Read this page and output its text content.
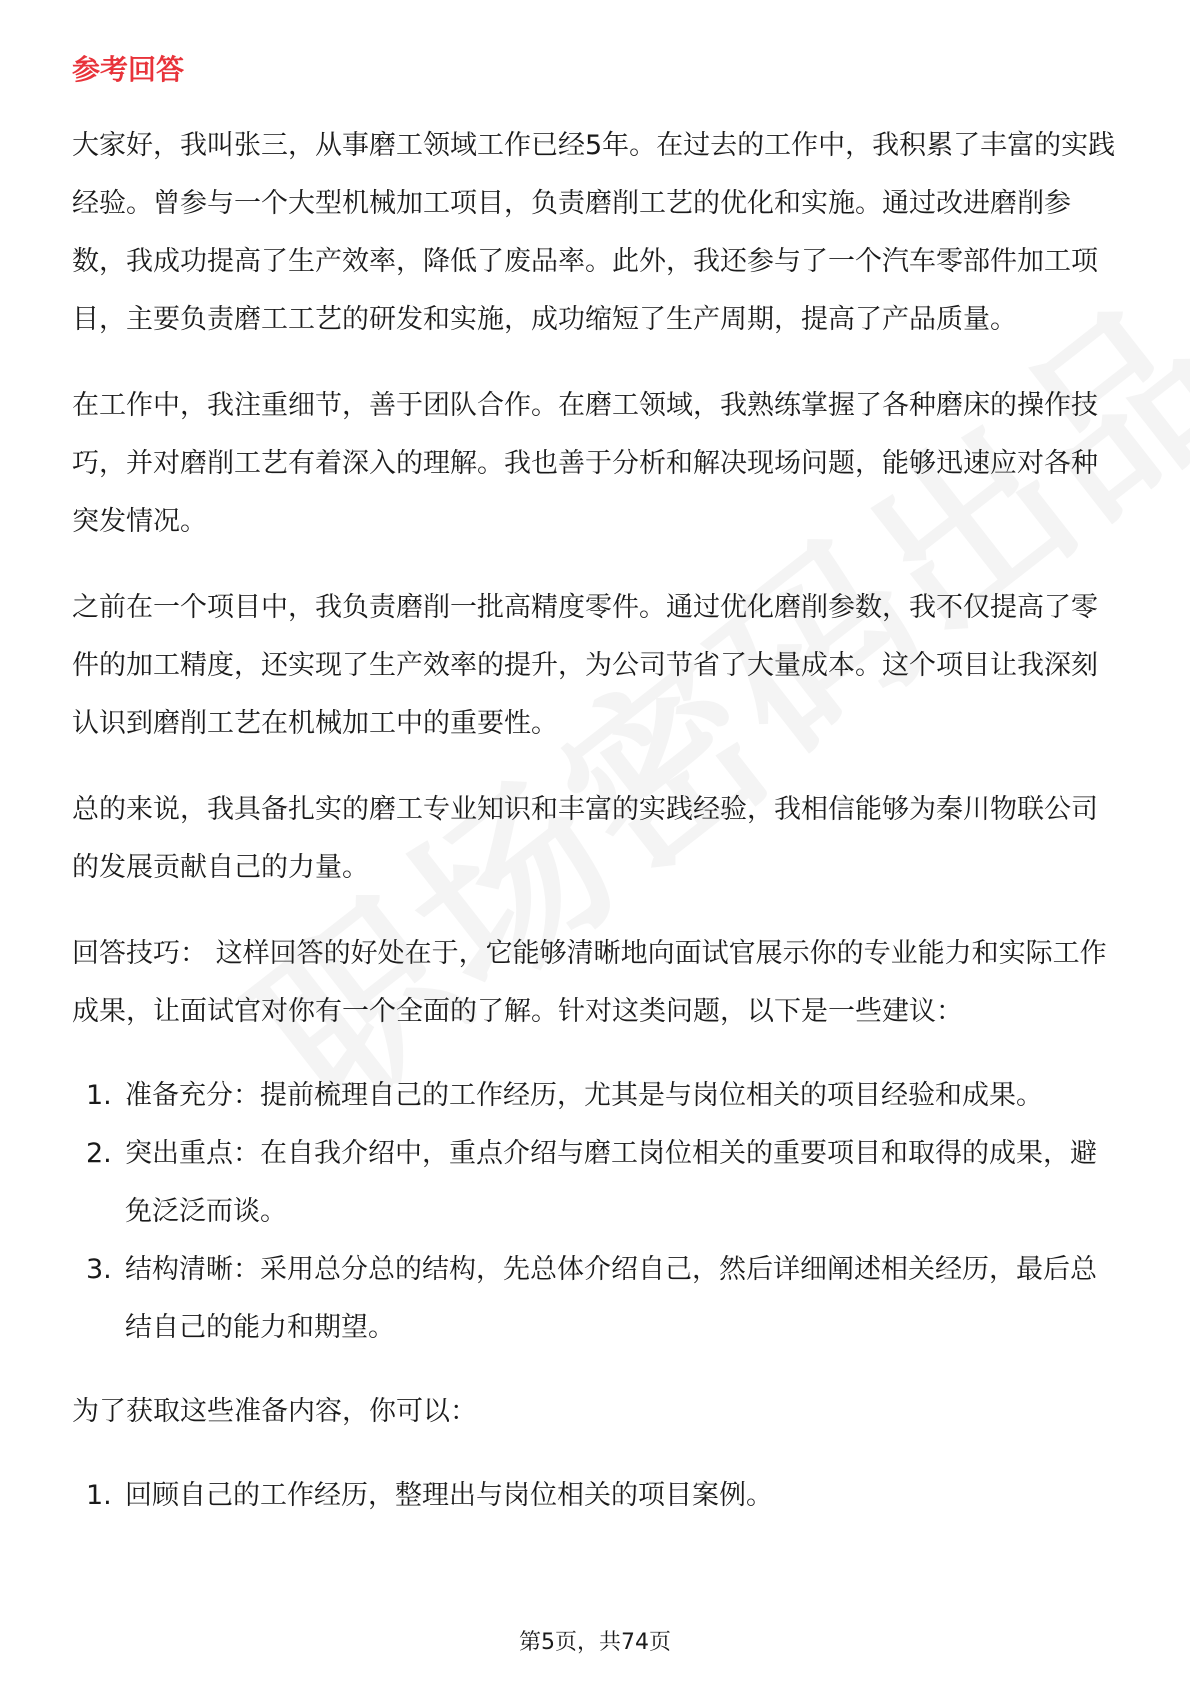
参考回答

大家好，我叫张三，从事磨工领域工作已经5年。在过去的工作中，我积累了丰富的实践经验。曾参与一个大型机械加工项目，负责磨削工艺的优化和实施。通过改进磨削参数，我成功提高了生产效率，降低了废品率。此外，我还参与了一个汽车零部件加工项目，主要负责磨工工艺的研发和实施，成功缩短了生产周期，提高了产品质量。

在工作中，我注重细节，善于团队合作。在磨工领域，我熟练掌握了各种磨床的操作技巧，并对磨削工艺有着深入的理解。我也善于分析和解决现场问题，能够迅速应对各种突发情况。

之前在一个项目中，我负责磨削一批高精度零件。通过优化磨削参数，我不仅提高了零件的加工精度，还实现了生产效率的提升，为公司节省了大量成本。这个项目让我深刻认识到磨削工艺在机械加工中的重要性。

总的来说，我具备扎实的磨工专业知识和丰富的实践经验，我相信能够为秦川物联公司的发展贡献自己的力量。

回答技巧： 这样回答的好处在于，它能够清晰地向面试官展示你的专业能力和实际工作成果，让面试官对你有一个全面的了解。针对这类问题，以下是一些建议：

1. 准备充分：提前梳理自己的工作经历，尤其是与岗位相关的项目经验和成果。
2. 突出重点：在自我介绍中，重点介绍与磨工岗位相关的重要项目和取得的成果，避免泛泛而谈。
3. 结构清晰：采用总分总的结构，先总体介绍自己，然后详细阐述相关经历，最后总结自己的能力和期望。

为了获取这些准备内容，你可以：

1. 回顾自己的工作经历，整理出与岗位相关的项目案例。
第5页，共74页
